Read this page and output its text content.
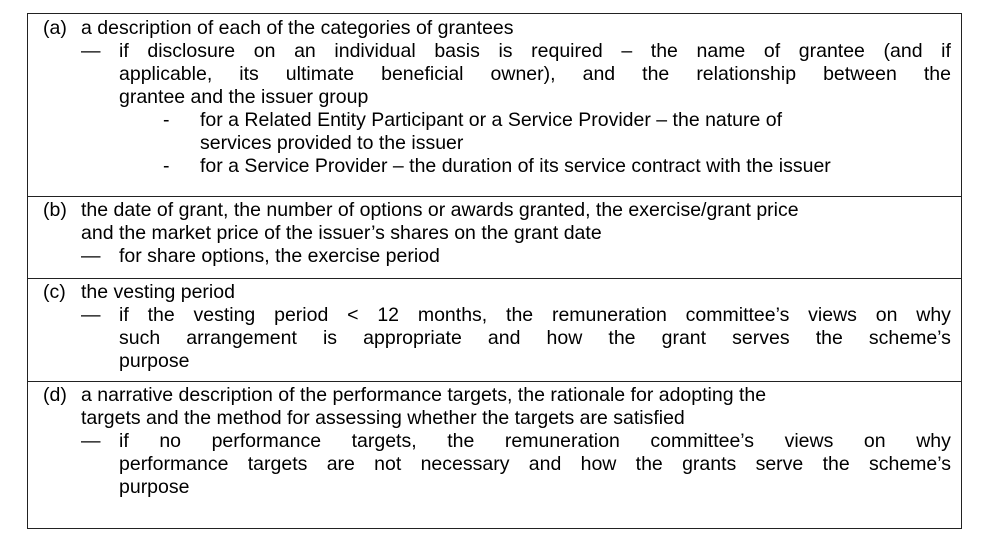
(a) a description of each of the categories of grantees
— if disclosure on an individual basis is required – the name of grantee (and if
applicable, its ultimate beneficial owner), and the relationship between the
grantee and the issuer group
- for a Related Entity Participant or a Service Provider – the nature of
services provided to the issuer
- for a Service Provider – the duration of its service contract with the issuer
(b) the date of grant, the number of options or awards granted, the exercise/grant price
and the market price of the issuer’s shares on the grant date
— for share options, the exercise period
(c) the vesting period
— if the vesting period < 12 months, the remuneration committee’s views on why
such arrangement is appropriate and how the grant serves the scheme’s
purpose
(d) a narrative description of the performance targets, the rationale for adopting the
targets and the method for assessing whether the targets are satisfied
— if no performance targets, the remuneration committee’s views on why
performance targets are not necessary and how the grants serve the scheme’s
purpose
